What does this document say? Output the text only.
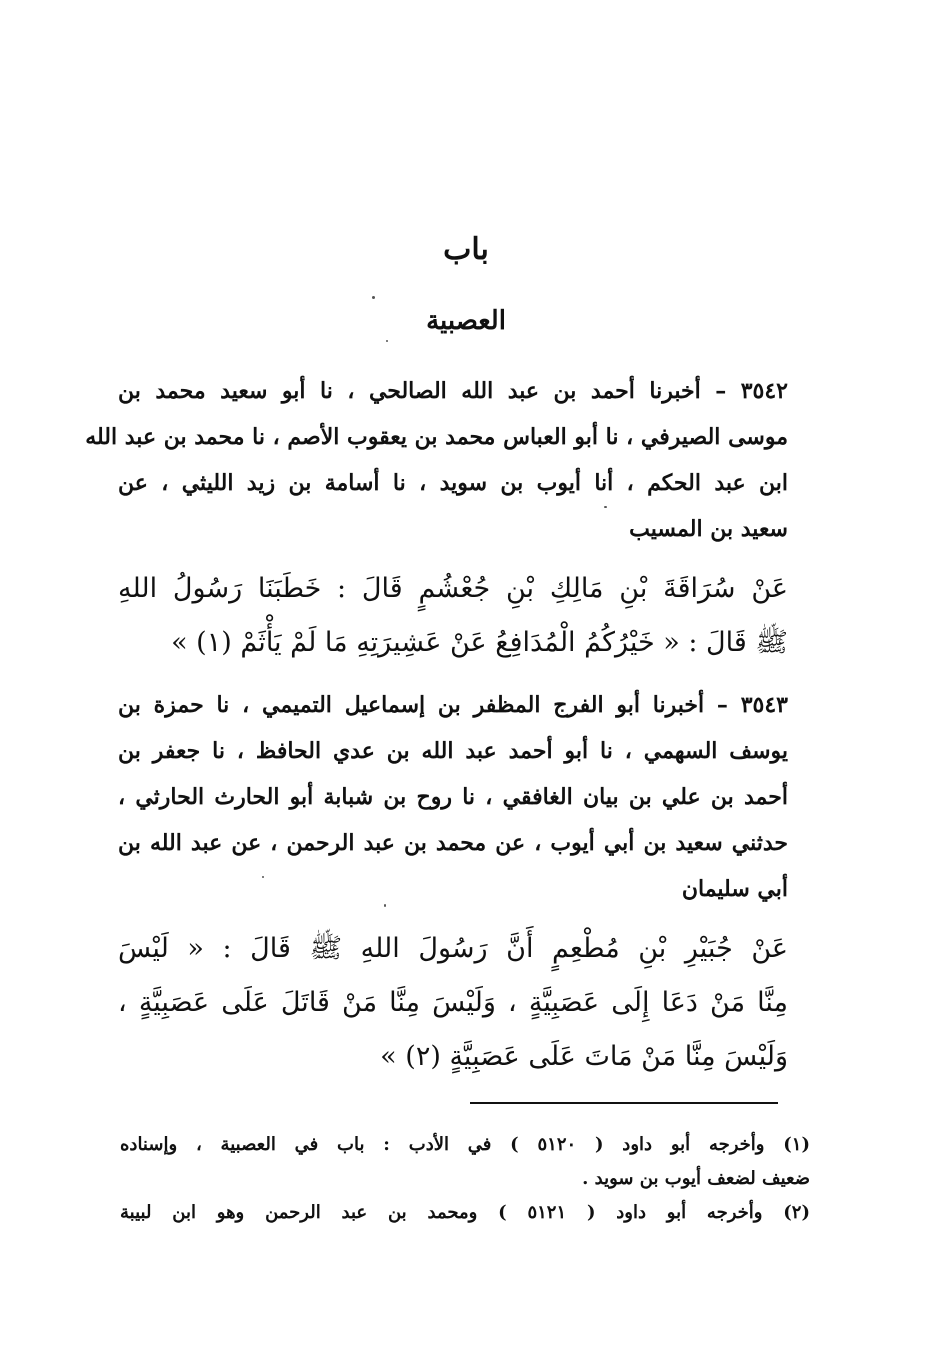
باب
العصبية
٣٥٤٢ – أخبرنا أحمد بن عبد الله الصالحي ، نا أبو سعيد محمد بن
موسى الصيرفي ، نا أبو العباس محمد بن يعقوب الأصم ، نا محمد بن عبد الله
ابن عبد الحكم ، أنا أيوب بن سويد ، نا أسامة بن زيد الليثي ، عن
سعيد بن المسيب
عَنْ سُرَاقَةَ بْنِ مَالِكِ بْنِ جُعْشُمٍ قَالَ : خَطَبَنَا رَسُولُ اللهِ
ﷺ قَالَ : « خَيْرُكُمُ الْمُدَافِعُ عَنْ عَشِيرَتِهِ مَا لَمْ يَأْثَمْ (١) »
٣٥٤٣ – أخبرنا أبو الفرج المظفر بن إسماعيل التميمي ، نا حمزة بن
يوسف السهمي ، نا أبو أحمد عبد الله بن عدي الحافظ ، نا جعفر بن
أحمد بن علي بن بيان الغافقي ، نا روح بن شبابة أبو الحارث الحارثي ،
حدثني سعيد بن أبي أيوب ، عن محمد بن عبد الرحمن ، عن عبد الله بن
أبي سليمان
عَنْ جُبَيْرِ بْنِ مُطْعِمٍ أَنَّ رَسُولَ اللهِ ﷺ قَالَ : « لَيْسَ
مِنَّا مَنْ دَعَا إِلَى عَصَبِيَّةٍ ، وَلَيْسَ مِنَّا مَنْ قَاتَلَ عَلَى عَصَبِيَّةٍ ،
وَلَيْسَ مِنَّا مَنْ مَاتَ عَلَى عَصَبِيَّةٍ (٢) »
(١) وأخرجه أبو داود ( ٥١٢٠ ) في الأدب : باب في العصبية ، وإسناده
ضعيف لضعف أيوب بن سويد .
(٢) وأخرجه أبو داود ( ٥١٢١ ) ومحمد بن عبد الرحمن وهو ابن لبيبة
